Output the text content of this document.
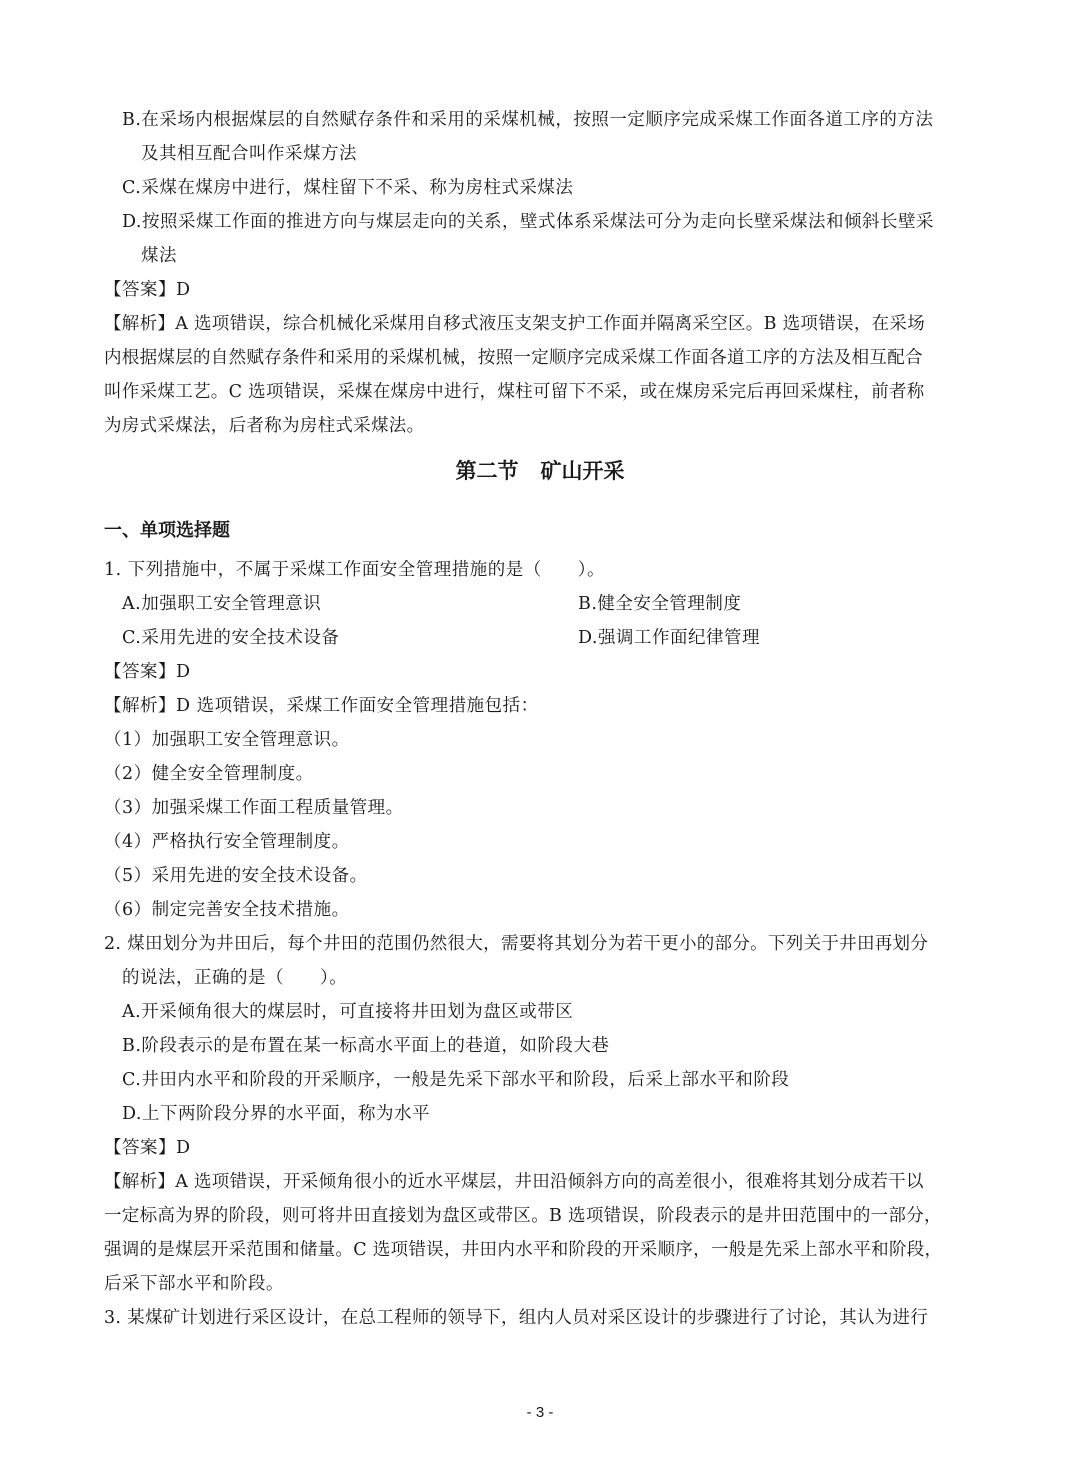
B.在采场内根据煤层的自然赋存条件和采用的采煤机械，按照一定顺序完成采煤工作面各道工序的方法
及其相互配合叫作采煤方法
C.采煤在煤房中进行，煤柱留下不采、称为房柱式采煤法
D.按照采煤工作面的推进方向与煤层走向的关系，壁式体系采煤法可分为走向长壁采煤法和倾斜长壁采
煤法
【答案】D
【解析】A 选项错误，综合机械化采煤用自移式液压支架支护工作面并隔离采空区。B 选项错误，在采场
内根据煤层的自然赋存条件和采用的采煤机械，按照一定顺序完成采煤工作面各道工序的方法及相互配合
叫作采煤工艺。C 选项错误，采煤在煤房中进行，煤柱可留下不采，或在煤房采完后再回采煤柱，前者称
为房式采煤法，后者称为房柱式采煤法。
第二节 矿山开采
一、单项选择题
1. 下列措施中，不属于采煤工作面安全管理措施的是（　　）。
A.加强职工安全管理意识	B.健全安全管理制度
C.采用先进的安全技术设备	D.强调工作面纪律管理
【答案】D
【解析】D 选项错误，采煤工作面安全管理措施包括：
（1）加强职工安全管理意识。
（2）健全安全管理制度。
（3）加强采煤工作面工程质量管理。
（4）严格执行安全管理制度。
（5）采用先进的安全技术设备。
（6）制定完善安全技术措施。
2. 煤田划分为井田后，每个井田的范围仍然很大，需要将其划分为若干更小的部分。下列关于井田再划分
的说法，正确的是（　　）。
A.开采倾角很大的煤层时，可直接将井田划为盘区或带区
B.阶段表示的是布置在某一标高水平面上的巷道，如阶段大巷
C.井田内水平和阶段的开采顺序，一般是先采下部水平和阶段，后采上部水平和阶段
D.上下两阶段分界的水平面，称为水平
【答案】D
【解析】A 选项错误，开采倾角很小的近水平煤层，井田沿倾斜方向的高差很小，很难将其划分成若干以
一定标高为界的阶段，则可将井田直接划为盘区或带区。B 选项错误，阶段表示的是井田范围中的一部分，
强调的是煤层开采范围和储量。C 选项错误，井田内水平和阶段的开采顺序，一般是先采上部水平和阶段，
后采下部水平和阶段。
3. 某煤矿计划进行采区设计，在总工程师的领导下，组内人员对采区设计的步骤进行了讨论，其认为进行
- 3 -
